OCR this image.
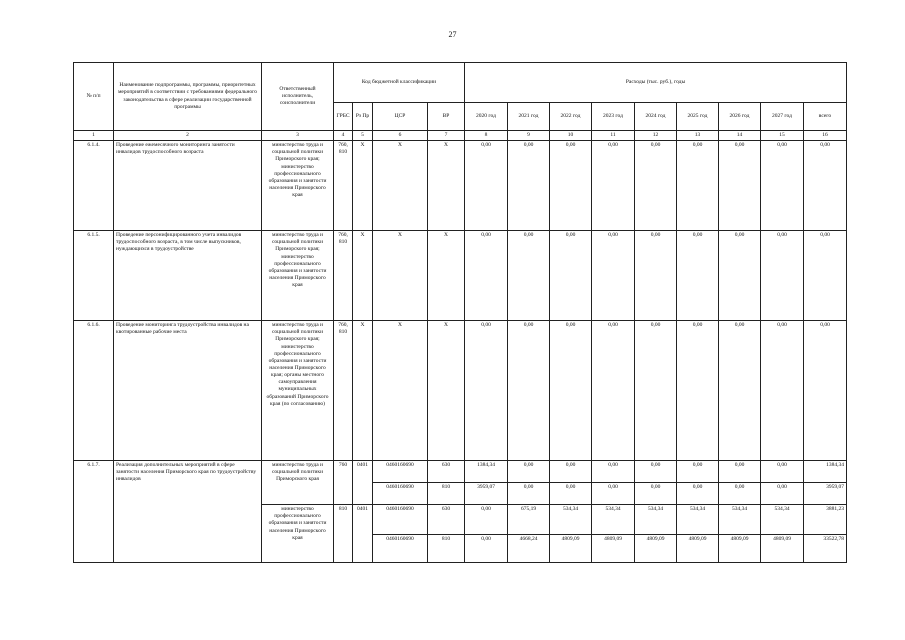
27
№ п/п	Наименование подпрограммы, программы, приоритетных мероприятий в соответствии с требованиями федерального законодательства в сфере реализации государственной программы	Ответственный исполнитель, соисполнители	Код бюджетной классификации				Расходы (тыс. руб.), годы								
			ГРБС	Рз Пр	ЦСР	ВР	2020 год	2021 год	2022 год	2023 год	2024 год	2025 год	2026 год	2027 год	всего
1	2	3	4	5	6	7	8	9	10	11	12	13	14	15	16
6.1.4.	Проведение ежемесячного мониторинга занятости инвалидов трудоспособного возраста	министерство труда и социальной политики Приморского края; министерство профессионального образования и занятости населения Приморского края	760, 810	X	X	X	0,00	0,00	0,00	0,00	0,00	0,00	0,00	0,00	0,00
6.1.5.	Проведение персонифицированного учета инвалидов трудоспособного возраста, в том числе выпускников, нуждающихся в трудоустройстве	министерство труда и социальной политики Приморского края; министерство профессионального образования и занятости населения Приморского края	760, 810	X	X	X	0,00	0,00	0,00	0,00	0,00	0,00	0,00	0,00	0,00
6.1.6.	Проведение мониторинга трудоустройства инвалидов на квотированные рабочие места	министерство труда и социальной политики Приморского края; министерство профессионального образования и занятости населения Приморского края; органы местного самоуправления муниципальных образований Приморского края (по согласованию)	760, 810	X	X	X	0,00	0,00	0,00	0,00	0,00	0,00	0,00	0,00	0,00
6.1.7.	Реализация дополнительных мероприятий в сфере занятости населения Приморского края по трудоустройству инвалидов	министерство труда и социальной политики Приморского края	760	0401	0460160690	630	1384,34	0,00	0,00	0,00	0,00	0,00	0,00	0,00	1384,34
					0460160690	810	3959,07	0,00	0,00	0,00	0,00	0,00	0,00	0,00	3959,07
		министерство профессионального образования и занятости населения Приморского края	810	0401	0460160690	630	0,00	675,19	534,34	534,34	534,34	534,34	534,34	534,34	3881,23
					0460160690	810	0,00	4668,24	4809,09	4809,09	4809,09	4809,09	4809,09	4809,09	33522,78
